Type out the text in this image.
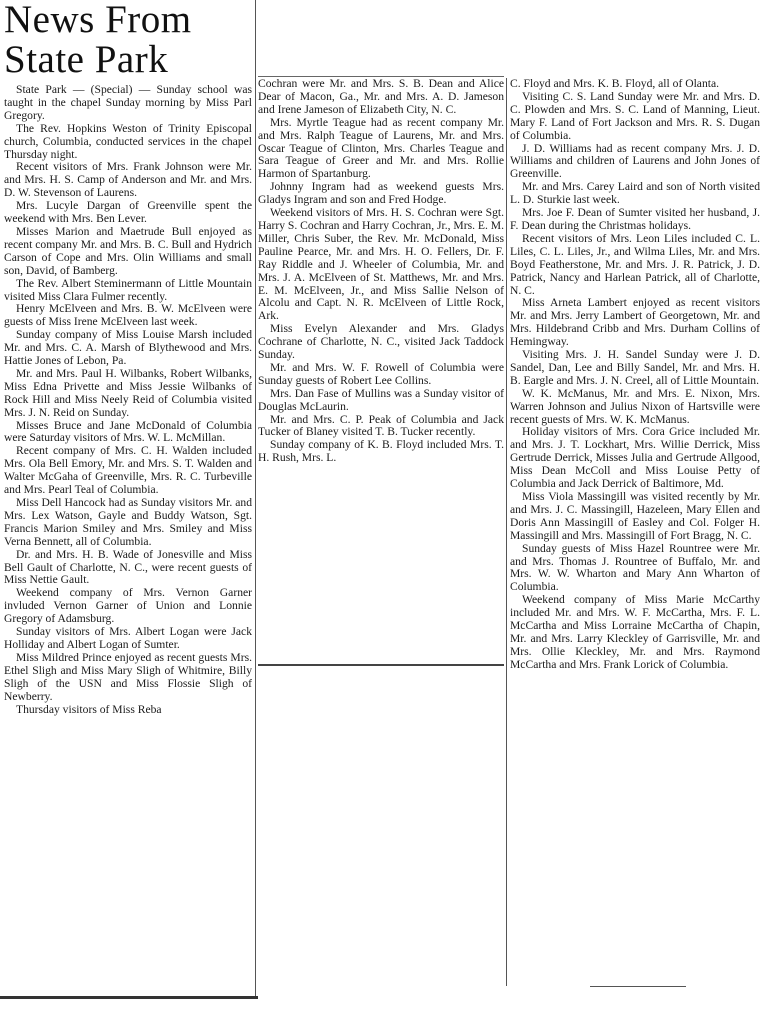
News From State Park

State Park — (Special) — Sunday school was taught in the chapel Sunday morning by Miss Parl Gregory.

The Rev. Hopkins Weston of Trinity Episcopal church, Columbia, conducted services in the chapel Thursday night.

Recent visitors of Mrs. Frank Johnson were Mr. and Mrs. H. S. Camp of Anderson and Mr. and Mrs. D. W. Stevenson of Laurens.

Mrs. Lucyle Dargan of Greenville spent the weekend with Mrs. Ben Lever.

Misses Marion and Maetrude Bull enjoyed as recent company Mr. and Mrs. B. C. Bull and Hydrich Carson of Cope and Mrs. Olin Williams and small son, David, of Bamberg.

The Rev. Albert Steminermann of Little Mountain visited Miss Clara Fulmer recently.

Henry McElveen and Mrs. B. W. McElveen were guests of Miss Irene McElveen last week.

Sunday company of Miss Louise Marsh included Mr. and Mrs. C. A. Marsh of Blythewood and Mrs. Hattie Jones of Lebon, Pa.

Mr. and Mrs. Paul H. Wilbanks, Robert Wilbanks, Miss Edna Privette and Miss Jessie Wilbanks of Rock Hill and Miss Neely Reid of Columbia visited Mrs. J. N. Reid on Sunday.

Misses Bruce and Jane McDonald of Columbia were Saturday visitors of Mrs. W. L. McMillan.

Recent company of Mrs. C. H. Walden included Mrs. Ola Bell Emory, Mr. and Mrs. S. T. Walden and Walter McGaha of Greenville, Mrs. R. C. Turbeville and Mrs. Pearl Teal of Columbia.

Miss Dell Hancock had as Sunday visitors Mr. and Mrs. Lex Watson, Gayle and Buddy Watson, Sgt. Francis Marion Smiley and Mrs. Smiley and Miss Verna Bennett, all of Columbia.

Dr. and Mrs. H. B. Wade of Jonesville and Miss Bell Gault of Charlotte, N. C., were recent guests of Miss Nettie Gault.

Weekend company of Mrs. Vernon Garner invluded Vernon Garner of Union and Lonnie Gregory of Adamsburg.

Sunday visitors of Mrs. Albert Logan were Jack Holliday and Albert Logan of Sumter.

Miss Mildred Prince enjoyed as recent guests Mrs. Ethel Sligh and Miss Mary Sligh of Whitmire, Billy Sligh of the USN and Miss Flossie Sligh of Newberry.

Thursday visitors of Miss Reba

Cochran were Mr. and Mrs. S. B. Dean and Alice Dear of Macon, Ga., Mr. and Mrs. A. D. Jameson and Irene Jameson of Elizabeth City, N. C.

Mrs. Myrtle Teague had as recent company Mr. and Mrs. Ralph Teague of Laurens, Mr. and Mrs. Oscar Teague of Clinton, Mrs. Charles Teague and Sara Teague of Greer and Mr. and Mrs. Rollie Harmon of Spartanburg.

Johnny Ingram had as weekend guests Mrs. Gladys Ingram and son and Fred Hodge.

Weekend visitors of Mrs. H. S. Cochran were Sgt. Harry S. Cochran and Harry Cochran, Jr., Mrs. E. M. Miller, Chris Suber, the Rev. Mr. McDonald, Miss Pauline Pearce, Mr. and Mrs. H. O. Fellers, Dr. F. Ray Riddle and J. Wheeler of Columbia, Mr. and Mrs. J. A. McElveen of St. Matthews, Mr. and Mrs. E. M. McElveen, Jr., and Miss Sallie Nelson of Alcolu and Capt. N. R. McElveen of Little Rock, Ark.

Miss Evelyn Alexander and Mrs. Gladys Cochrane of Charlotte, N. C., visited Jack Taddock Sunday.

Mr. and Mrs. W. F. Rowell of Columbia were Sunday guests of Robert Lee Collins.

Mrs. Dan Fase of Mullins was a Sunday visitor of Douglas McLaurin.

Mr. and Mrs. C. P. Peak of Columbia and Jack Tucker of Blaney visited T. B. Tucker recently.

Sunday company of K. B. Floyd included Mrs. T. H. Rush, Mrs. L.

C. Floyd and Mrs. K. B. Floyd, all of Olanta.

Visiting C. S. Land Sunday were Mr. and Mrs. D. C. Plowden and Mrs. S. C. Land of Manning, Lieut. Mary F. Land of Fort Jackson and Mrs. R. S. Dugan of Columbia.

J. D. Williams had as recent company Mrs. J. D. Williams and children of Laurens and John Jones of Greenville.

Mr. and Mrs. Carey Laird and son of North visited L. D. Sturkie last week.

Mrs. Joe F. Dean of Sumter visited her husband, J. F. Dean during the Christmas holidays.

Recent visitors of Mrs. Leon Liles included C. L. Liles, C. L. Liles, Jr., and Wilma Liles, Mr. and Mrs. Boyd Featherstone, Mr. and Mrs. J. R. Patrick, J. D. Patrick, Nancy and Harlean Patrick, all of Charlotte, N. C.

Miss Arneta Lambert enjoyed as recent visitors Mr. and Mrs. Jerry Lambert of Georgetown, Mr. and Mrs. Hildebrand Cribb and Mrs. Durham Collins of Hemingway.

Visiting Mrs. J. H. Sandel Sunday were J. D. Sandel, Dan, Lee and Billy Sandel, Mr. and Mrs. H. B. Eargle and Mrs. J. N. Creel, all of Little Mountain.

W. K. McManus, Mr. and Mrs. E. Nixon, Mrs. Warren Johnson and Julius Nixon of Hartsville were recent guests of Mrs. W. K. McManus.

Holiday visitors of Mrs. Cora Grice included Mr. and Mrs. J. T. Lockhart, Mrs. Willie Derrick, Miss Gertrude Derrick, Misses Julia and Gertrude Allgood, Miss Dean McColl and Miss Louise Petty of Columbia and Jack Derrick of Baltimore, Md.

Miss Viola Massingill was visited recently by Mr. and Mrs. J. C. Massingill, Hazeleen, Mary Ellen and Doris Ann Massingill of Easley and Col. Folger H. Massingill and Mrs. Massingill of Fort Bragg, N. C.

Sunday guests of Miss Hazel Rountree were Mr. and Mrs. Thomas J. Rountree of Buffalo, Mr. and Mrs. W. W. Wharton and Mary Ann Wharton of Columbia.

Weekend company of Miss Marie McCarthy included Mr. and Mrs. W. F. McCartha, Mrs. F. L. McCartha and Miss Lorraine McCartha of Chapin, Mr. and Mrs. Larry Kleckley of Garrisville, Mr. and Mrs. Ollie Kleckley, Mr. and Mrs. Raymond McCartha and Mrs. Frank Lorick of Columbia.
